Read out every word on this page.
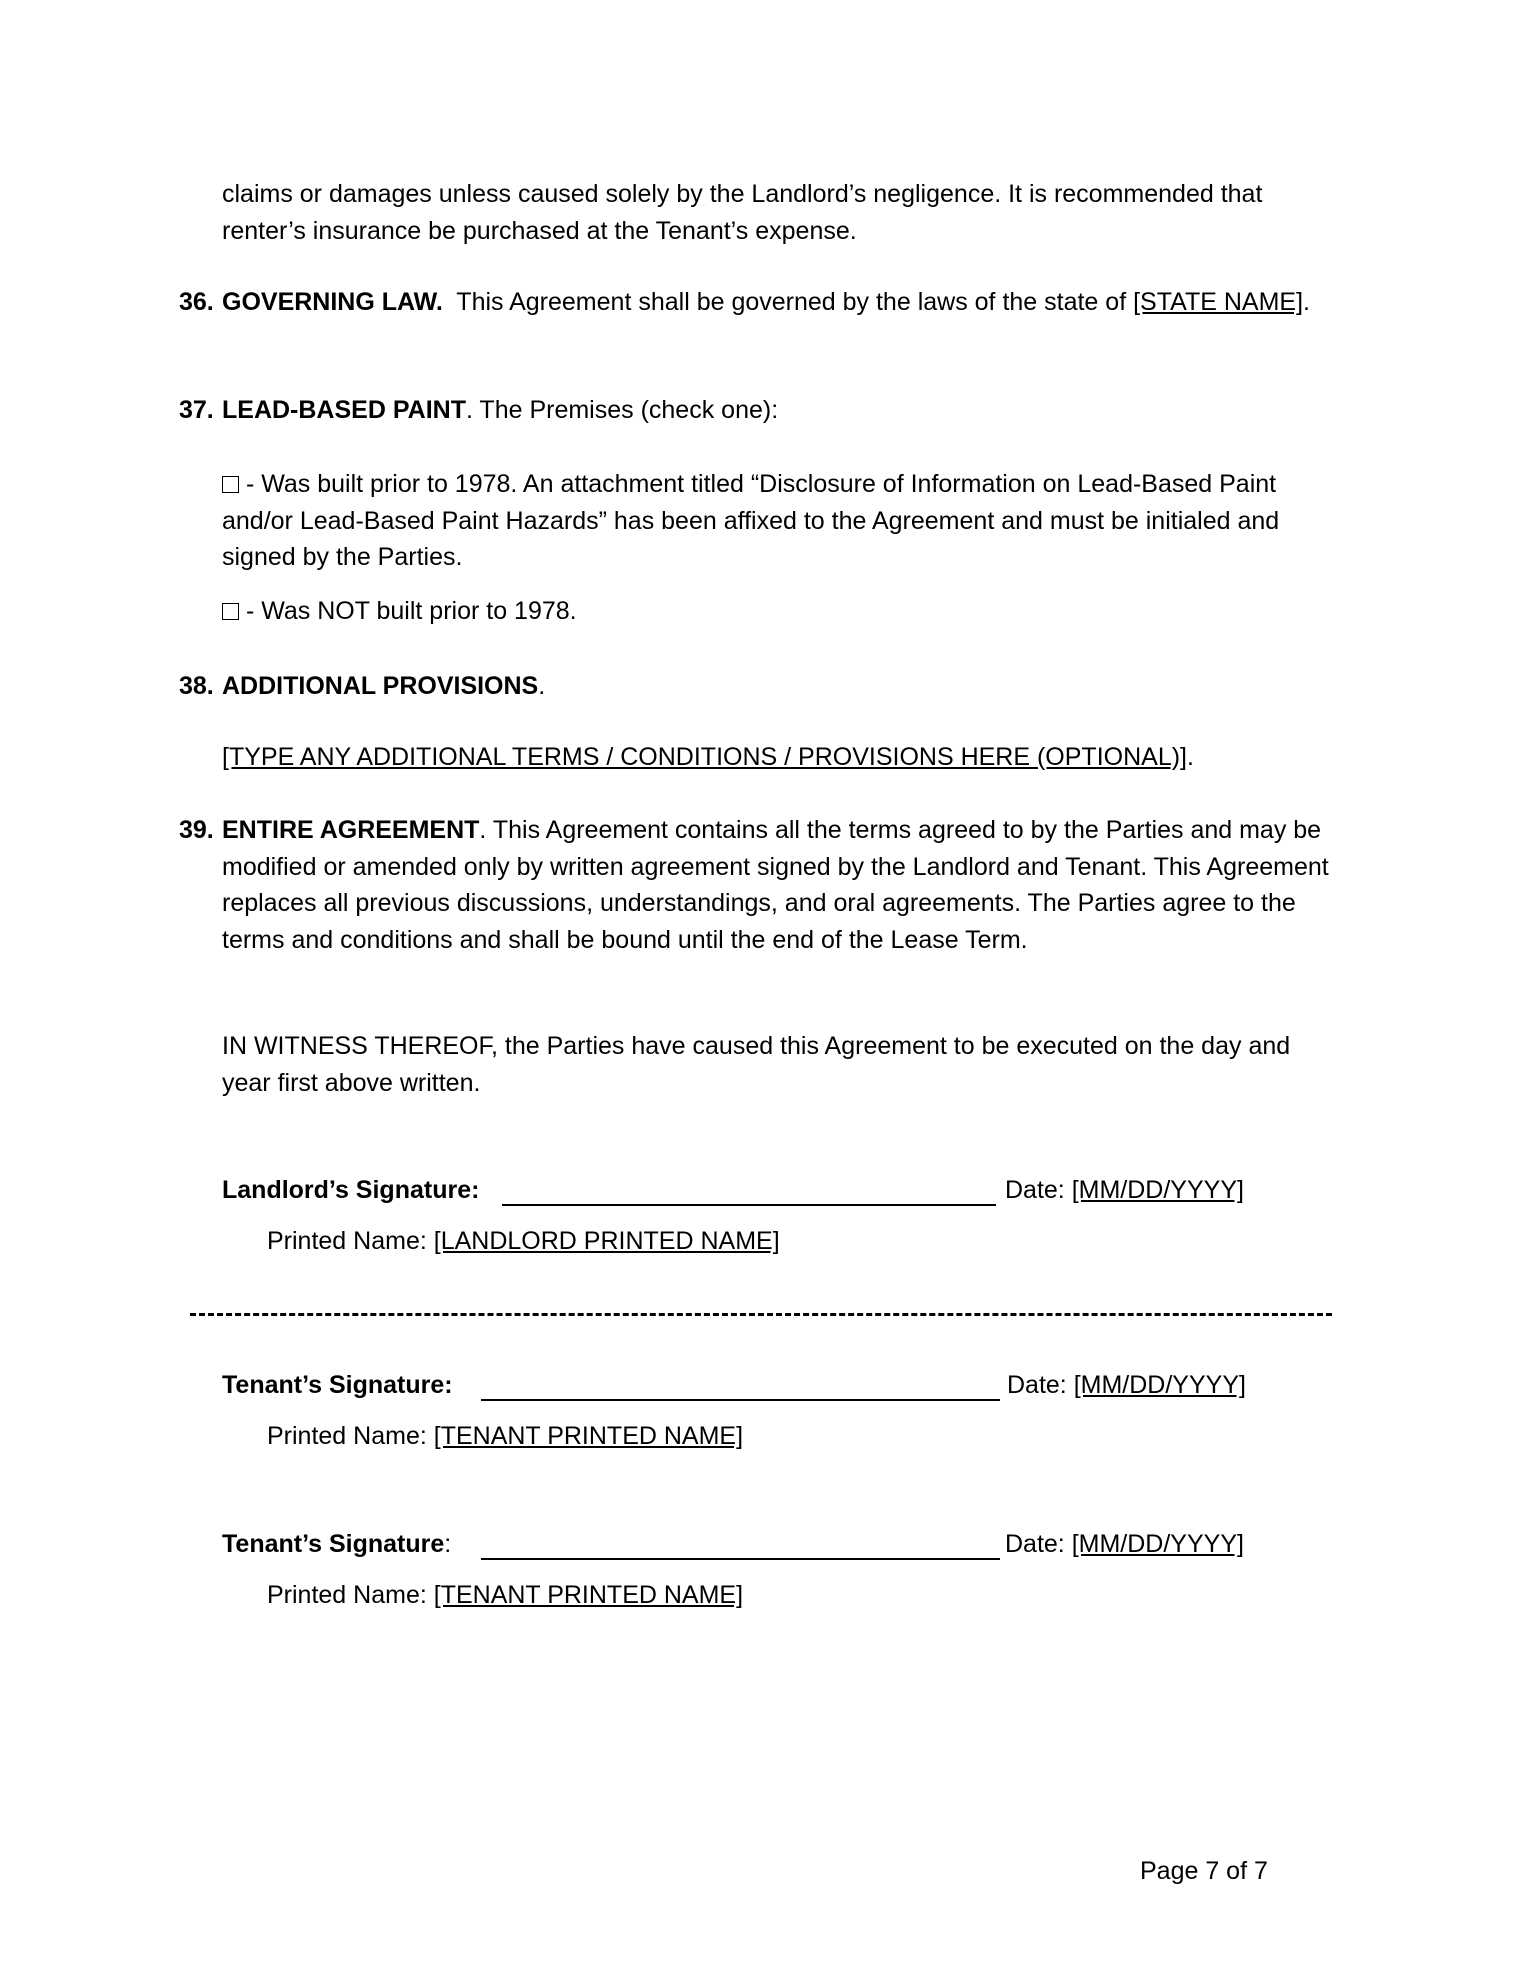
claims or damages unless caused solely by the Landlord’s negligence. It is recommended that renter’s insurance be purchased at the Tenant’s expense.
36. GOVERNING LAW.  This Agreement shall be governed by the laws of the state of [STATE NAME].
37. LEAD-BASED PAINT. The Premises (check one):
- Was built prior to 1978. An attachment titled “Disclosure of Information on Lead-Based Paint and/or Lead-Based Paint Hazards” has been affixed to the Agreement and must be initialed and signed by the Parties.
- Was NOT built prior to 1978.
38. ADDITIONAL PROVISIONS.
[TYPE ANY ADDITIONAL TERMS / CONDITIONS / PROVISIONS HERE (OPTIONAL)].
39. ENTIRE AGREEMENT. This Agreement contains all the terms agreed to by the Parties and may be modified or amended only by written agreement signed by the Landlord and Tenant. This Agreement replaces all previous discussions, understandings, and oral agreements. The Parties agree to the terms and conditions and shall be bound until the end of the Lease Term.
IN WITNESS THEREOF, the Parties have caused this Agreement to be executed on the day and year first above written.
Landlord’s Signature:	Date: [MM/DD/YYYY]
Printed Name: [LANDLORD PRINTED NAME]
Tenant’s Signature:	Date: [MM/DD/YYYY]
Printed Name: [TENANT PRINTED NAME]
Tenant’s Signature:	Date: [MM/DD/YYYY]
Printed Name: [TENANT PRINTED NAME]
Page 7 of 7
